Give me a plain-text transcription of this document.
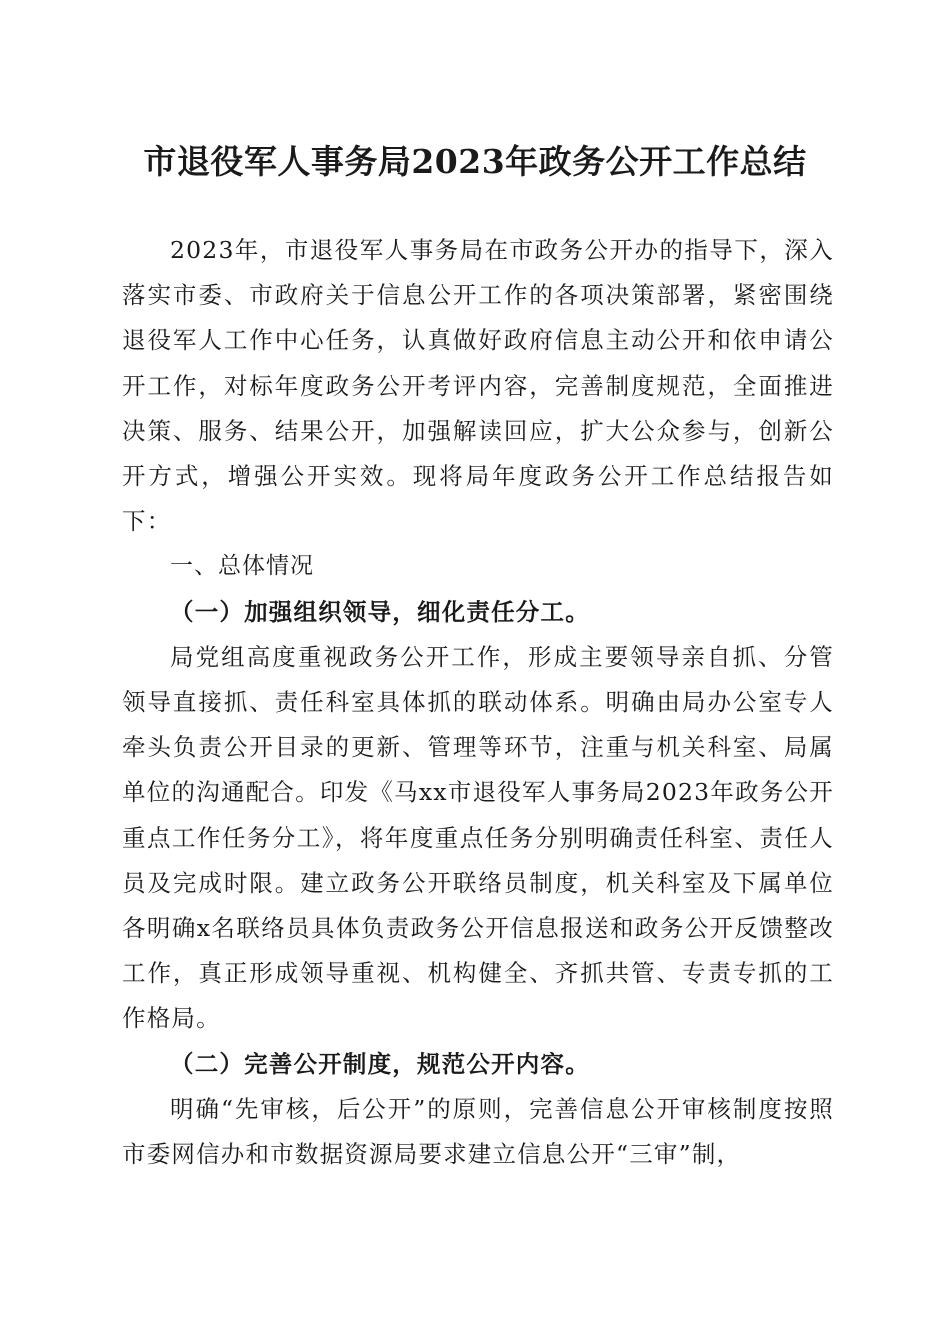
市退役军人事务局2023年政务公开工作总结

2023年，市退役军人事务局在市政务公开办的指导下，深入落实市委、市政府关于信息公开工作的各项决策部署，紧密围绕退役军人工作中心任务，认真做好政府信息主动公开和依申请公开工作，对标年度政务公开考评内容，完善制度规范，全面推进决策、服务、结果公开，加强解读回应，扩大公众参与，创新公开方式，增强公开实效。现将局年度政务公开工作总结报告如下：

一、总体情况

（一）加强组织领导，细化责任分工。

局党组高度重视政务公开工作，形成主要领导亲自抓、分管领导直接抓、责任科室具体抓的联动体系。明确由局办公室专人牵头负责公开目录的更新、管理等环节，注重与机关科室、局属单位的沟通配合。印发《马xx市退役军人事务局2023年政务公开重点工作任务分工》，将年度重点任务分别明确责任科室、责任人员及完成时限。建立政务公开联络员制度，机关科室及下属单位各明确x名联络员具体负责政务公开信息报送和政务公开反馈整改工作，真正形成领导重视、机构健全、齐抓共管、专责专抓的工作格局。

（二）完善公开制度，规范公开内容。

明确“先审核，后公开”的原则，完善信息公开审核制度按照市委网信办和市数据资源局要求建立信息公开“三审”制，
